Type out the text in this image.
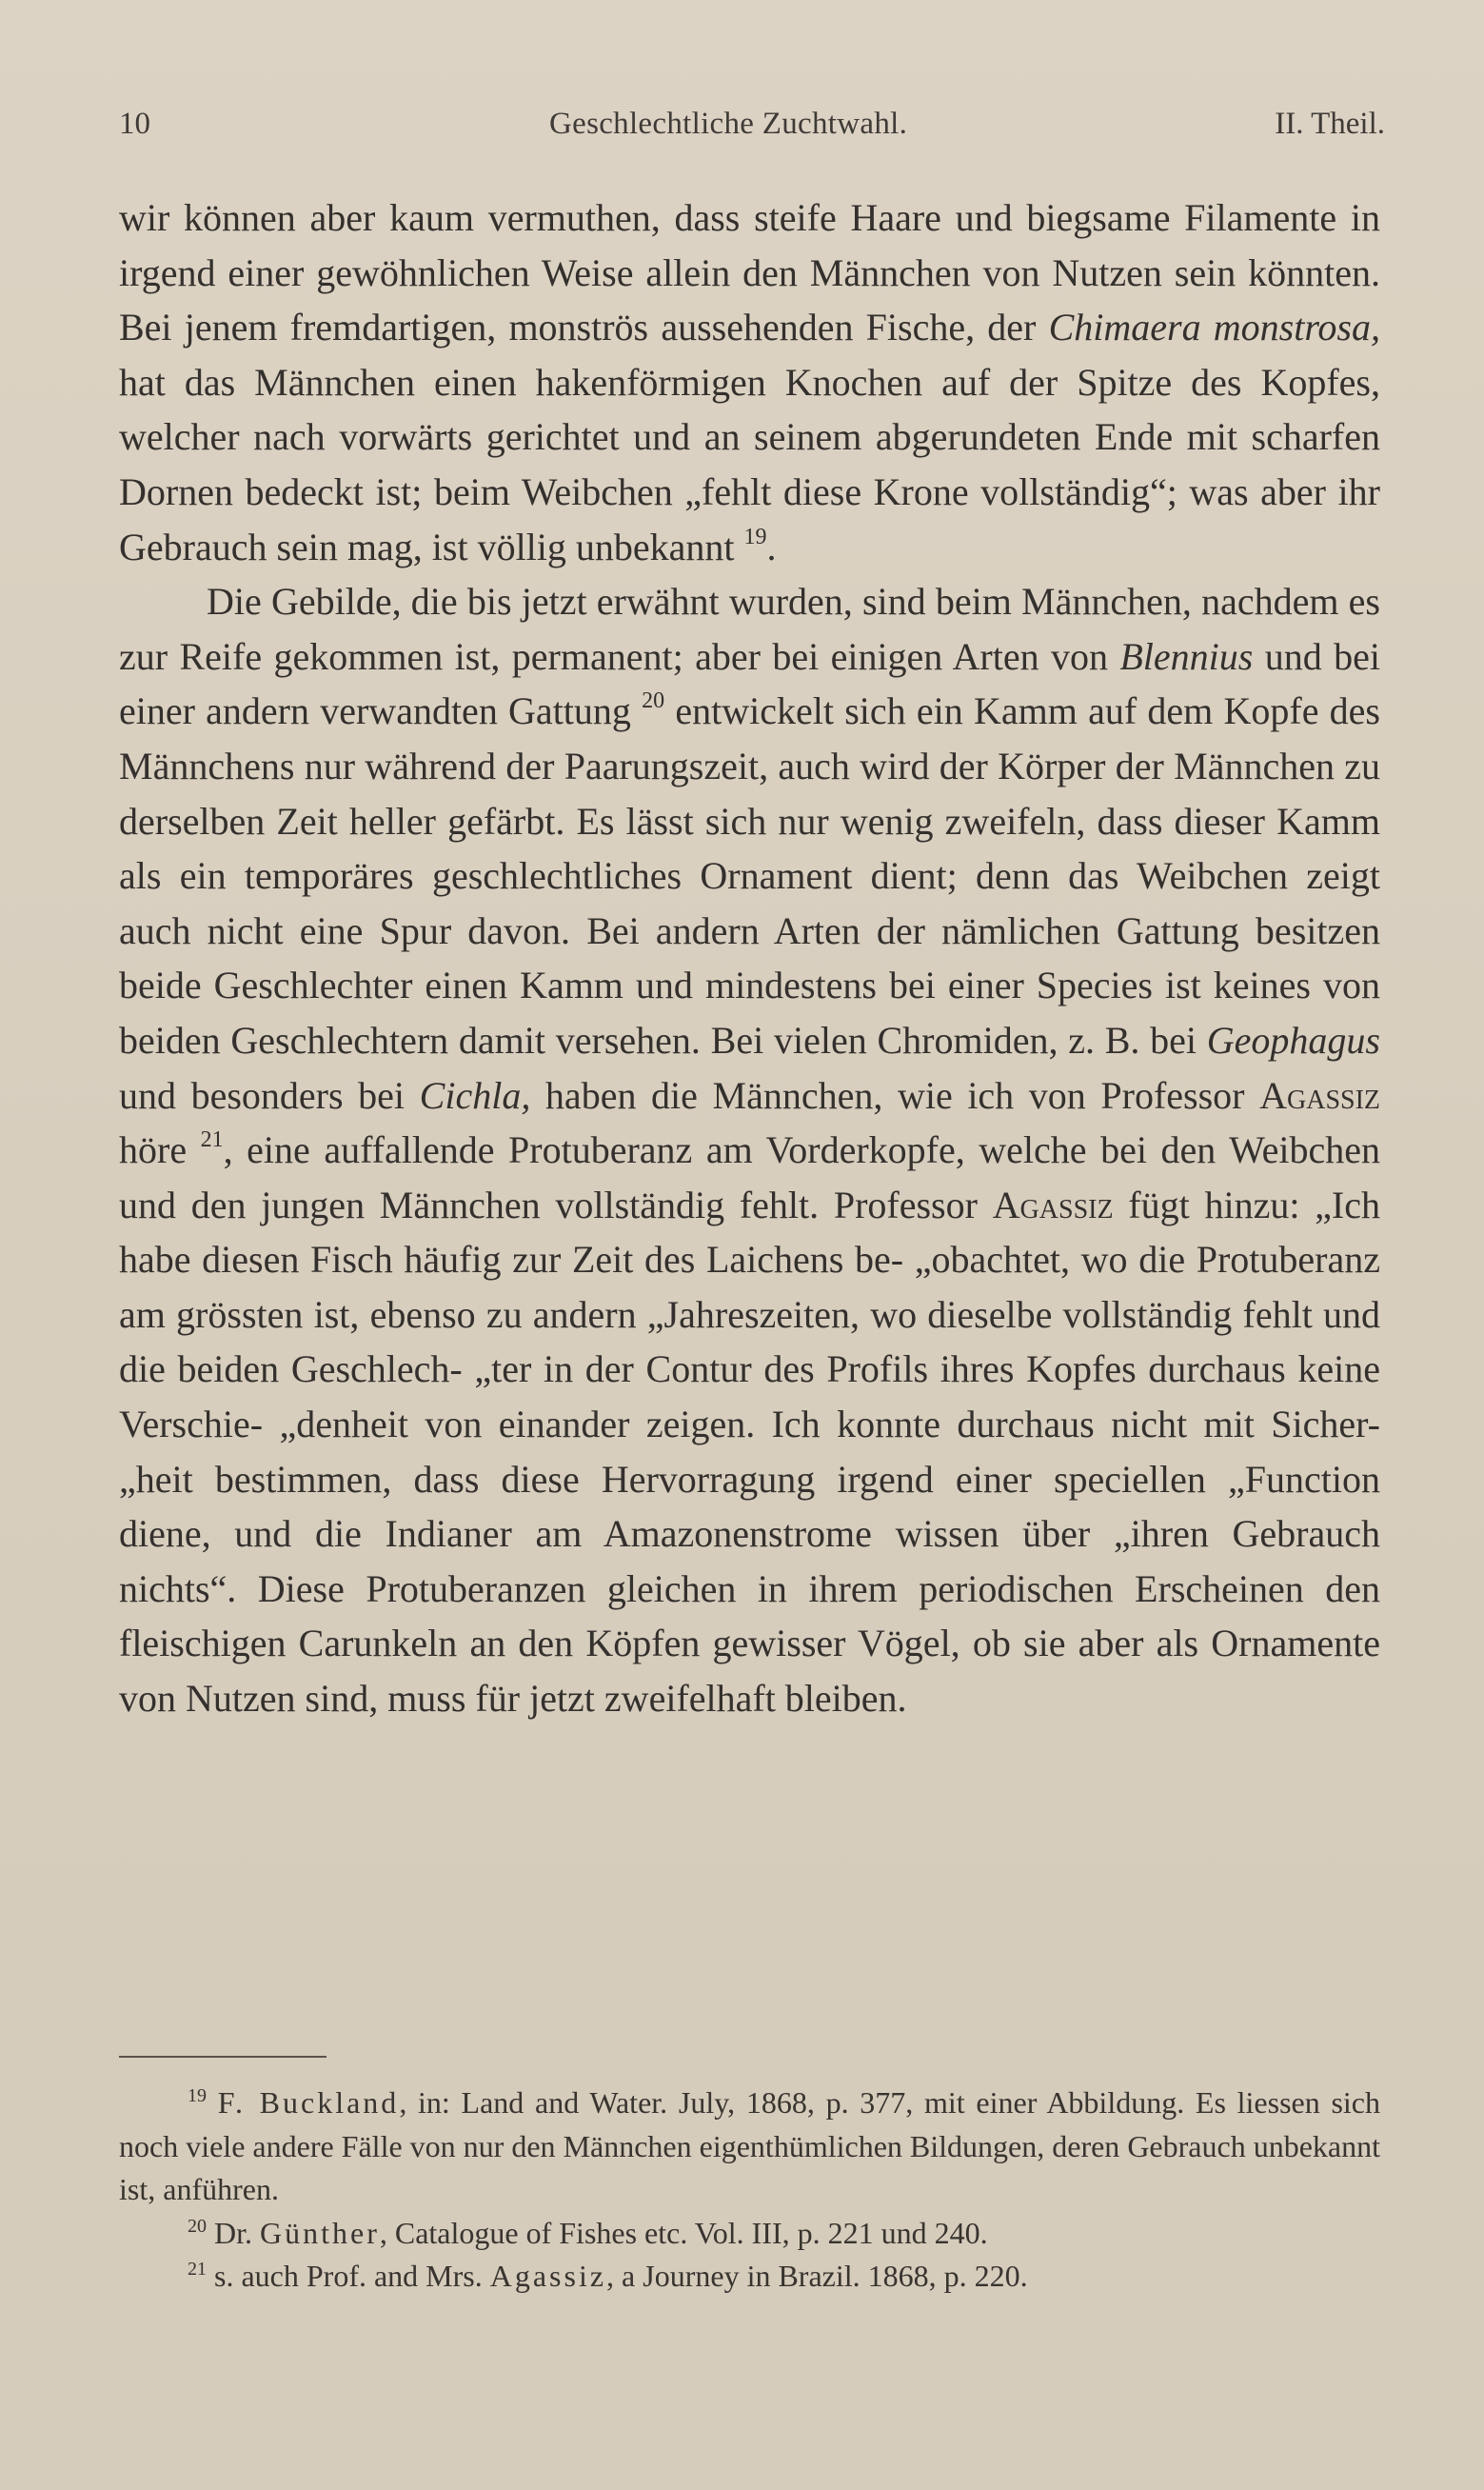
10	Geschlechtliche Zuchtwahl.	II. Theil.

wir können aber kaum vermuthen, dass steife Haare und biegsame Filamente in irgend einer gewöhnlichen Weise allein den Männchen von Nutzen sein könnten. Bei jenem fremdartigen, monströs aussehenden Fische, der Chimaera monstrosa, hat das Männchen einen hakenförmigen Knochen auf der Spitze des Kopfes, welcher nach vorwärts gerichtet und an seinem abgerundeten Ende mit scharfen Dornen bedeckt ist; beim Weibchen „fehlt diese Krone vollständig“; was aber ihr Gebrauch sein mag, ist völlig unbekannt $^{19}$.

Die Gebilde, die bis jetzt erwähnt wurden, sind beim Männchen, nachdem es zur Reife gekommen ist, permanent; aber bei einigen Arten von Blennius und bei einer andern verwandten Gattung $^{20}$ entwickelt sich ein Kamm auf dem Kopfe des Männchens nur während der Paarungszeit, auch wird der Körper der Männchen zu derselben Zeit heller gefärbt. Es lässt sich nur wenig zweifeln, dass dieser Kamm als ein temporäres geschlechtliches Ornament dient; denn das Weibchen zeigt auch nicht eine Spur davon. Bei andern Arten der nämlichen Gattung besitzen beide Geschlechter einen Kamm und mindestens bei einer Species ist keines von beiden Geschlechtern damit versehen. Bei vielen Chromiden, z. B. bei Geophagus und besonders bei Cichla, haben die Männchen, wie ich von Professor Agassiz höre $^{21}$, eine auffallende Protuberanz am Vorderkopfe, welche bei den Weibchen und den jungen Männchen vollständig fehlt. Professor Agassiz fügt hinzu: „Ich habe diesen Fisch häufig zur Zeit des Laichens be- „obachtet, wo die Protuberanz am grössten ist, ebenso zu andern „Jahreszeiten, wo dieselbe vollständig fehlt und die beiden Geschlech- „ter in der Contur des Profils ihres Kopfes durchaus keine Verschie- „denheit von einander zeigen. Ich konnte durchaus nicht mit Sicher- „heit bestimmen, dass diese Hervorragung irgend einer speciellen „Function diene, und die Indianer am Amazonenstrome wissen über „ihren Gebrauch nichts“. Diese Protuberanzen gleichen in ihrem periodischen Erscheinen den fleischigen Carunkeln an den Köpfen gewisser Vögel, ob sie aber als Ornamente von Nutzen sind, muss für jetzt zweifelhaft bleiben.

$^{19}$ F. Buckland, in: Land and Water. July, 1868, p. 377, mit einer Abbildung. Es liessen sich noch viele andere Fälle von nur den Männchen eigenthümlichen Bildungen, deren Gebrauch unbekannt ist, anführen.

$^{20}$ Dr. Günther, Catalogue of Fishes etc. Vol. III, p. 221 und 240.

$^{21}$ s. auch Prof. and Mrs. Agassiz, a Journey in Brazil. 1868, p. 220.
